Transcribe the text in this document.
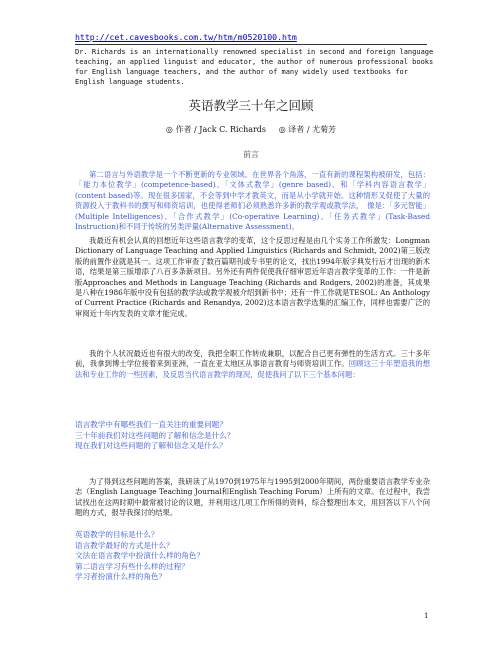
http://cet.cavesbooks.com.tw/htm/m0520100.htm
Dr. Richards is an internationally renowned specialist in second and foreign language teaching, an applied linguist and educator, the author of numerous professional books for English language teachers, and the author of many widely used textbooks for English language students.
英语教学三十年之回顾
◎ 作者 / Jack C. Richards ◎ 译者 / 尤菊芳
前言

第二语言与外语教学是一个不断更新的专业领域。在世界各个角落，一直有新的课程架构被研发，包括：「能力本位教学」(competence-based)、「文体式教学」(genre based)、和「学科内容语言教学」(content based)等。现在很多国家，不会等到中学才教英文，而是从小学就开始。这种情形又促使了大量的资源投入于教科书的撰写和师资培训，也使得老师们必须熟悉许多新的教学观或教学法，　像是：「多元智能」(Multiple Intelligences)、「合作式教学」(Co-operative Learning)、「任务式教学」(Task-Based Instruction)和不同于传统的另类评量(Alternative Assessment)。

我最近有机会认真的回想近年这些语言教学的变革，这个反思过程是由几个实务工作所激发：Longman Dictionary of Language Teaching and Applied Linguistics (Richards and Schmidt, 2002)第三版改版的前置作业就是其一。这项工作审查了数百篇期刊或专书里的论文，找出1994年版字典发行后才出现的新术语，结果是第三版增添了八百多条新项目。另外还有两件促使我仔细审思近年语言教学变革的工作：一件是新版Approaches and Methods in Language Teaching (Richards and Rodgers, 2002)的准备，其成果是八种在1986年版中没有包括的教学法或教学观被介绍到新书中；还有一件工作就是TESOL: An Anthology of Current Practice (Richards and Renandya, 2002)这本语言教学选集的汇编工作，同样也需要广泛的审阅近十年内发表的文章才能完成。

我的个人状况最近也有很大的改变，我把全职工作转成兼职，以配合自己更有弹性的生活方式。三十多年前，我拿到博士学位接着来到亚洲，一直在亚太地区从事语言教育与师资培训工作。回顾这三十年塑造我的想法和专业工作的一些因素，及反思当代语言教学的现况，促使我问了以下三个基本问题：

语言教学中有哪些我们一直关注的重要问题？
三十年前我们对这些问题的了解和信念是什么？
现在我们对这些问题的了解和信念又是什么？

为了得到这些问题的答案，我研读了从1970到1975年与1995到2000年期间，两份重要语言教学专业杂志（English Language Teaching Journal和English Teaching Forum）上所有的文章。在过程中，我尝试找出在这两时期中最常被讨论的议题，并利用这几项工作所得的资料，综合整理出本文，用回答以下八个问题的方式，报导我探讨的结果。

英语教学的目标是什么？
语言教学最好的方式是什么？
文法在语言教学中扮演什么样的角色？
第二语言学习有些什么样的过程？
学习者扮演什么样的角色？
1
